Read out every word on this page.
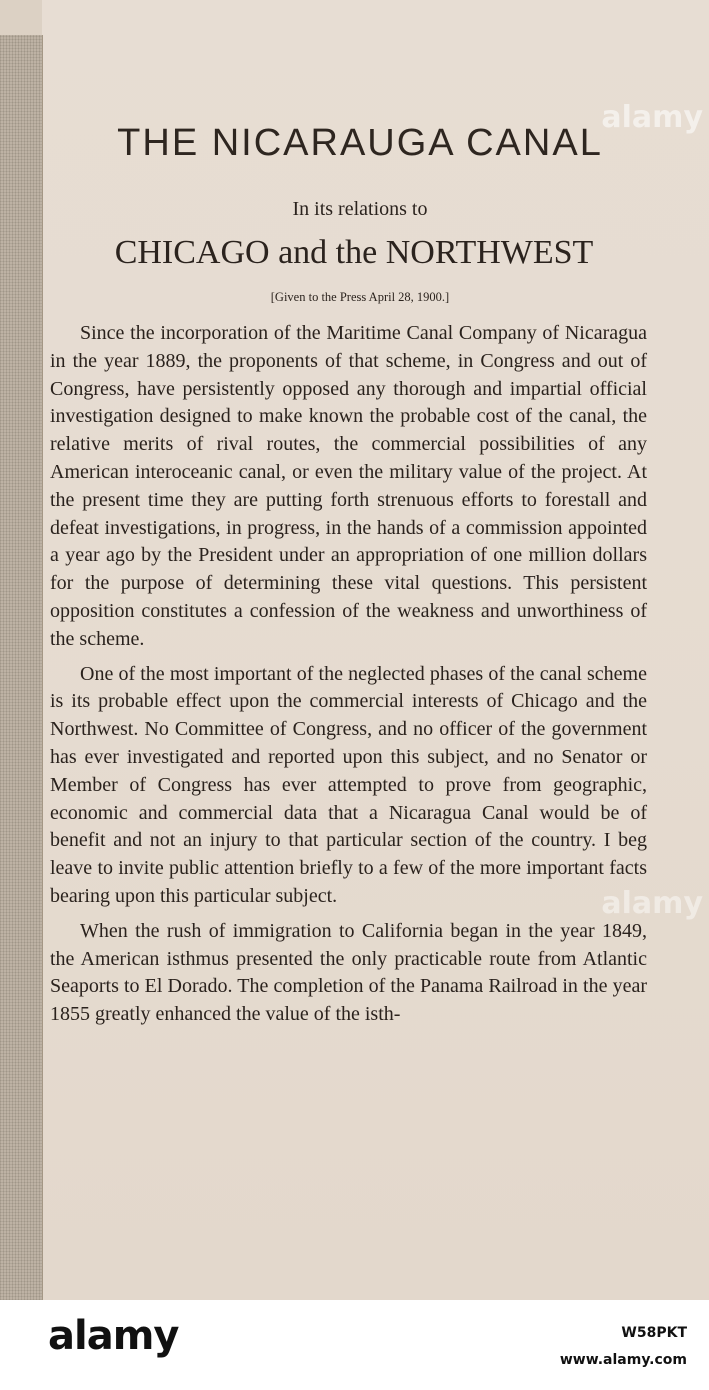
THE NICARAUGA CANAL
In its relations to
CHICAGO and the NORTHWEST
[Given to the Press April 28, 1900.]

Since the incorporation of the Maritime Canal Company of Nicaragua in the year 1889, the proponents of that scheme, in Congress and out of Congress, have persistently opposed any thorough and impartial official investigation designed to make known the probable cost of the canal, the relative merits of rival routes, the commercial possibilities of any American interoceanic canal, or even the military value of the project. At the present time they are putting forth strenuous efforts to forestall and defeat investigations, in progress, in the hands of a commission appointed a year ago by the President under an appropriation of one million dollars for the purpose of determining these vital questions. This persistent opposition constitutes a confession of the weakness and unworthiness of the scheme.

One of the most important of the neglected phases of the canal scheme is its probable effect upon the commercial interests of Chicago and the Northwest. No Committee of Congress, and no officer of the government has ever investigated and reported upon this subject, and no Senator or Member of Congress has ever attempted to prove from geographic, economic and commercial data that a Nicaragua Canal would be of benefit and not an injury to that particular section of the country. I beg leave to invite public attention briefly to a few of the more important facts bearing upon this particular subject.

When the rush of immigration to California began in the year 1849, the American isthmus presented the only practicable route from Atlantic Seaports to El Dorado. The completion of the Panama Railroad in the year 1855 greatly enhanced the value of the isth-

alamy
alamy
alamy	W58PKT
www.alamy.com
